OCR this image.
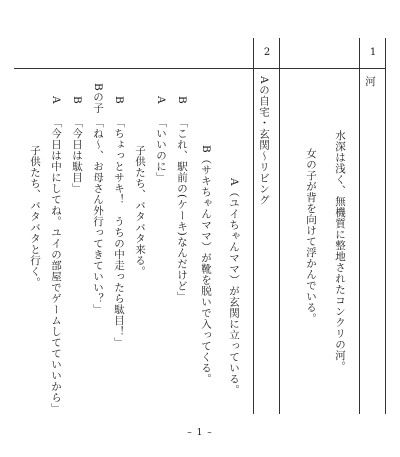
1
河
水深は浅く、無機質に整地されたコンクリの河。
女の子が背を向けて浮かんでいる。
2
Aの自宅・玄関〜リビング
A（ユイちゃんママ）が玄関に立っている。
B（サキちゃんママ）が靴を脱いで入ってくる。
B
「これ、駅前の(ケーキ)なんだけど」
A
「いいのに」
子供たち、バタバタ来る。
B
「ちょっとサキ！　うちの中走ったら駄目！」
Bの子
「ね〜、お母さん外行ってきていい？」
B
「今日は駄目」
A
「今日は中にしてね。ユイの部屋でゲームしてていいから」
子供たち、バタバタと行く。
– 1 –
